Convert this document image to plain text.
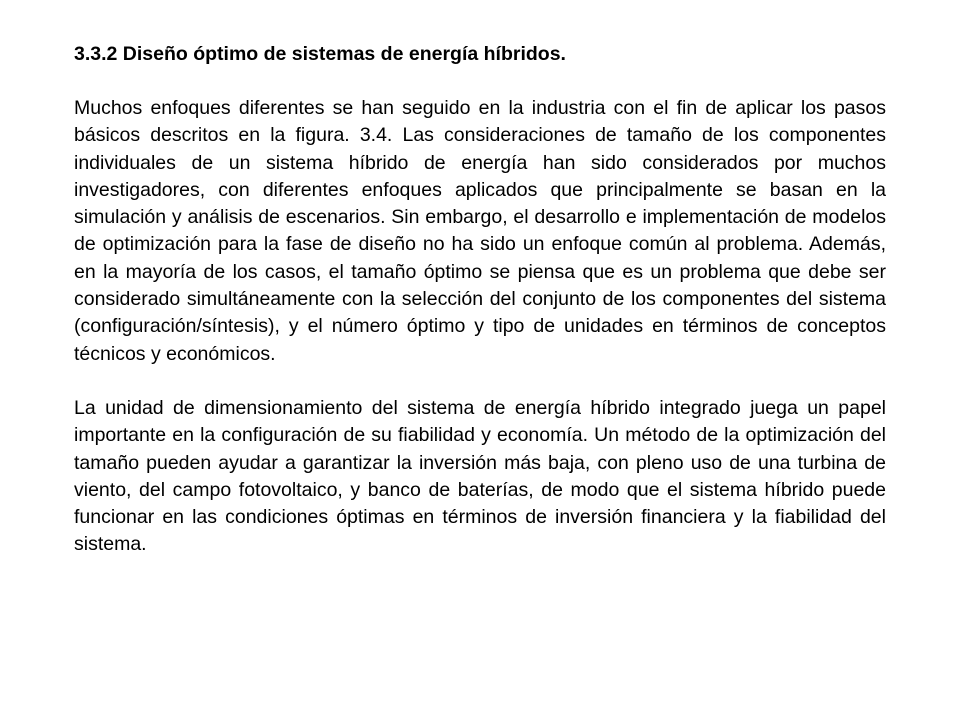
3.3.2 Diseño óptimo de sistemas de energía híbridos.

Muchos enfoques diferentes se han seguido en la industria con el fin de aplicar los pasos básicos descritos en la figura. 3.4. Las consideraciones de tamaño de los componentes individuales de un sistema híbrido de energía han sido considerados por muchos investigadores, con diferentes enfoques aplicados que principalmente se basan en la simulación y análisis de escenarios. Sin embargo, el desarrollo e implementación de modelos de optimización para la fase de diseño no ha sido un enfoque común al problema. Además, en la mayoría de los casos, el tamaño óptimo se piensa que es un problema que debe ser considerado simultáneamente con la selección del conjunto de los componentes del sistema (configuración/síntesis), y el número óptimo y tipo de unidades en términos de conceptos técnicos y económicos.

La unidad de dimensionamiento del sistema de energía híbrido integrado juega un papel importante en la configuración de su fiabilidad y economía. Un método de la optimización del tamaño pueden ayudar a garantizar la inversión más baja, con pleno uso de una turbina de viento, del campo fotovoltaico, y banco de baterías, de modo que el sistema híbrido puede funcionar en las condiciones óptimas en términos de inversión financiera y la fiabilidad del sistema.
